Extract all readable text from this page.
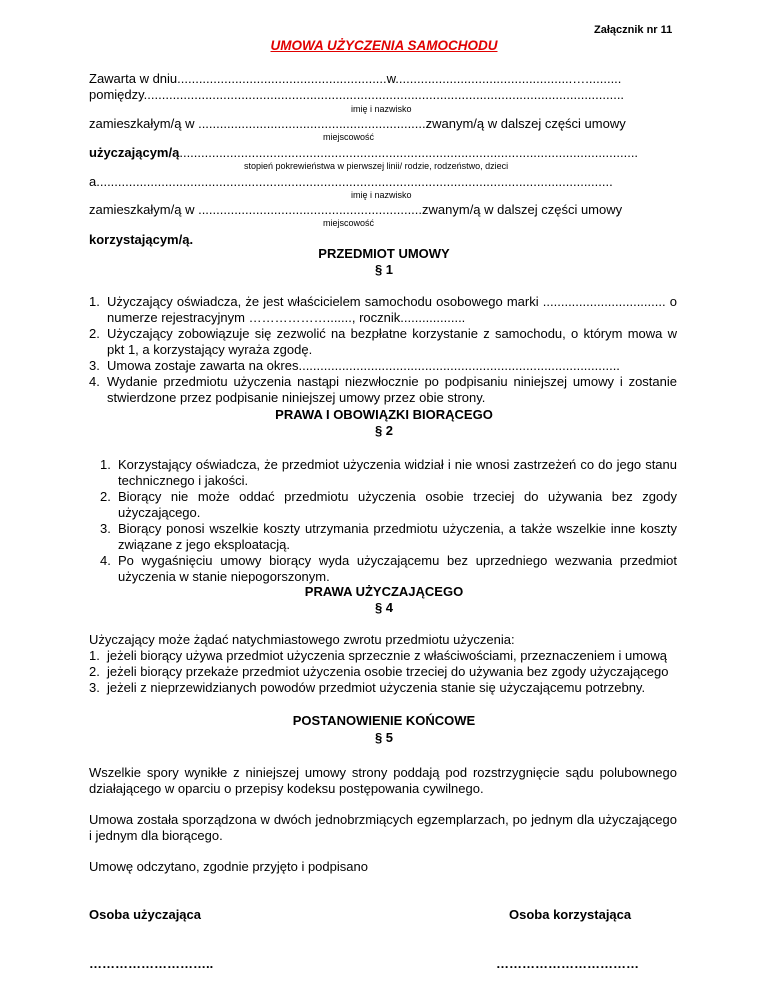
Załącznik nr 11
UMOWA UŻYCZENIA SAMOCHODU
Zawarta w dniu..........................................................w.................................................…..........
pomiędzy.....................................................................................................................................
imię i nazwisko
zamieszkałym/ą w ...............................................................zwanym/ą w dalszej części umowy
miejscowość
użyczającym/ą...............................................................................................................................
stopień pokrewieństwa w pierwszej linii/ rodzie, rodzeństwo, dzieci
a...............................................................................................................................................
imię i nazwisko
zamieszkałym/ą w ..............................................................zwanym/ą w dalszej części umowy
miejscowość
korzystającym/ą.
PRZEDMIOT UMOWY
§ 1
1. Użyczający oświadcza, że jest właścicielem samochodu osobowego marki .................................. o numerze rejestracyjnym ………………......., rocznik..................
2. Użyczający zobowiązuje się zezwolić na bezpłatne korzystanie z samochodu, o którym mowa w pkt 1, a korzystający wyraża zgodę.
3. Umowa zostaje zawarta na okres.........................................................................................
4. Wydanie przedmiotu użyczenia nastąpi niezwłocznie po podpisaniu niniejszej umowy i zostanie stwierdzone przez podpisanie niniejszej umowy przez obie strony.
PRAWA I OBOWIĄZKI BIORĄCEGO
§ 2
1. Korzystający oświadcza, że przedmiot użyczenia widział i nie wnosi zastrzeżeń co do jego stanu technicznego i jakości.
2. Biorący nie może oddać przedmiotu użyczenia osobie trzeciej do używania bez zgody użyczającego.
3. Biorący ponosi wszelkie koszty utrzymania przedmiotu użyczenia, a także wszelkie inne koszty związane z jego eksploatacją.
4. Po wygaśnięciu umowy biorący wyda użyczającemu bez uprzedniego wezwania przedmiot użyczenia w stanie niepogorszonym.
PRAWA UŻYCZAJĄCEGO
§ 4
Użyczający może żądać natychmiastowego zwrotu przedmiotu użyczenia:
1. jeżeli biorący używa przedmiot użyczenia sprzecznie z właściwościami, przeznaczeniem i umową
2. jeżeli biorący przekaże przedmiot użyczenia osobie trzeciej do używania bez zgody użyczającego
3. jeżeli z nieprzewidzianych powodów przedmiot użyczenia stanie się użyczającemu potrzebny.
POSTANOWIENIE KOŃCOWE
§ 5
Wszelkie spory wynikłe z niniejszej umowy strony poddają pod rozstrzygnięcie sądu polubownego działającego w oparciu o przepisy kodeksu postępowania cywilnego.
Umowa została sporządzona w dwóch jednobrzmiących egzemplarzach, po jednym dla użyczającego i jednym dla biorącego.
Umowę odczytano, zgodnie przyjęto i podpisano
Osoba użyczająca	Osoba korzystająca
………………………..	……………………………
